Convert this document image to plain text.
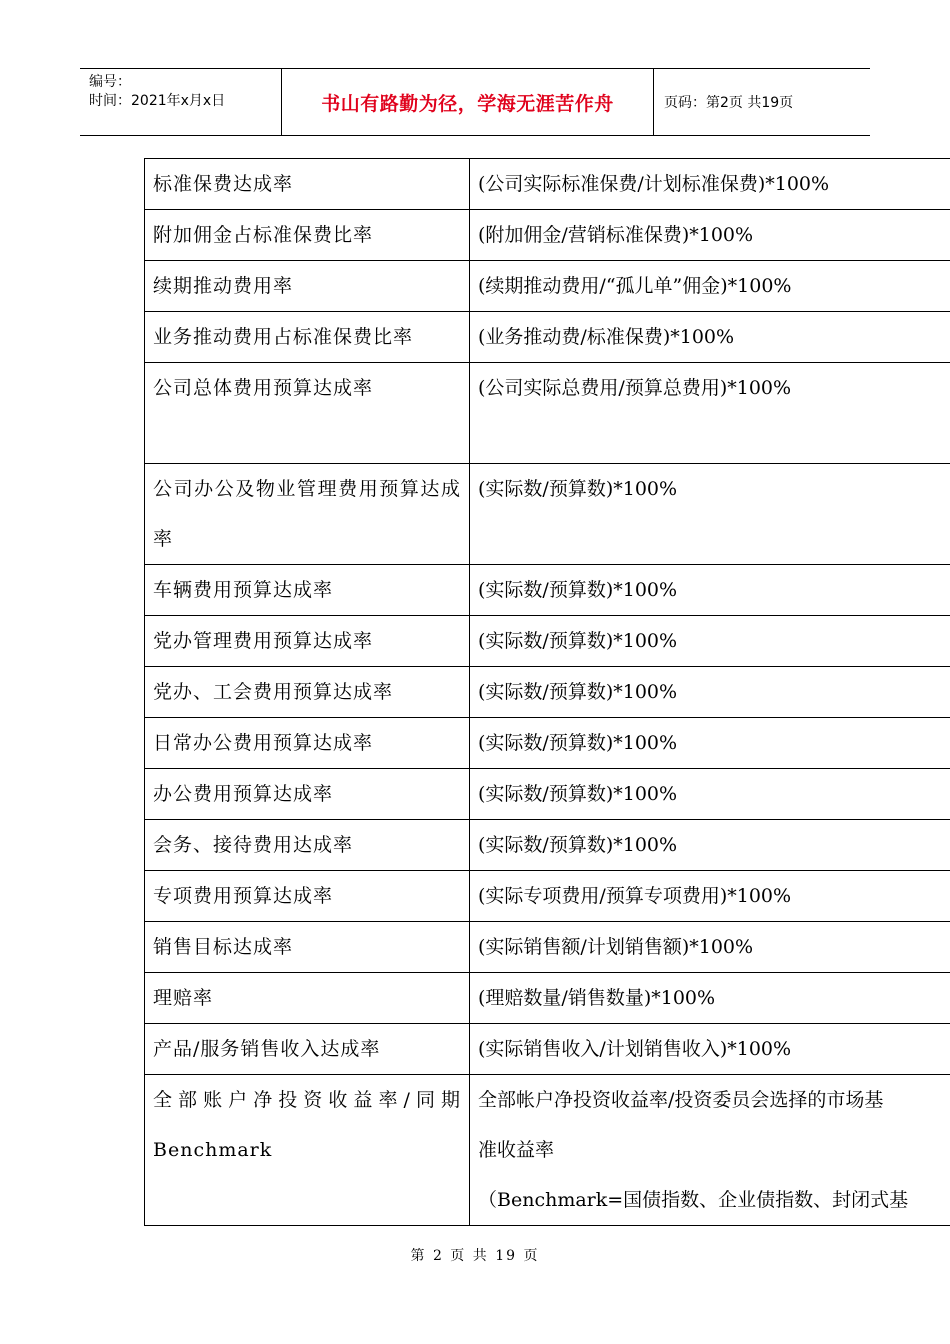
编号：
时间：2021年x月x日	书山有路勤为径，学海无涯苦作舟	页码：第2页 共19页
标准保费达成率	(公司实际标准保费/计划标准保费)*100%
附加佣金占标准保费比率	(附加佣金/营销标准保费)*100%
续期推动费用率	(续期推动费用/“孤儿单”佣金)*100%
业务推动费用占标准保费比率	(业务推动费/标准保费)*100%
公司总体费用预算达成率	(公司实际总费用/预算总费用)*100%
公司办公及物业管理费用预算达成率	(实际数/预算数)*100%
车辆费用预算达成率	(实际数/预算数)*100%
党办管理费用预算达成率	(实际数/预算数)*100%
党办、工会费用预算达成率	(实际数/预算数)*100%
日常办公费用预算达成率	(实际数/预算数)*100%
办公费用预算达成率	(实际数/预算数)*100%
会务、接待费用达成率	(实际数/预算数)*100%
专项费用预算达成率	(实际专项费用/预算专项费用)*100%
销售目标达成率	(实际销售额/计划销售额)*100%
理赔率	(理赔数量/销售数量)*100%
产品/服务销售收入达成率	(实际销售收入/计划销售收入)*100%
全部账户净投资收益率/同期Benchmark	全部帐户净投资收益率/投资委员会选择的市场基
准收益率
（Benchmark=国债指数、企业债指数、封闭式基
第 2 页 共 19 页
